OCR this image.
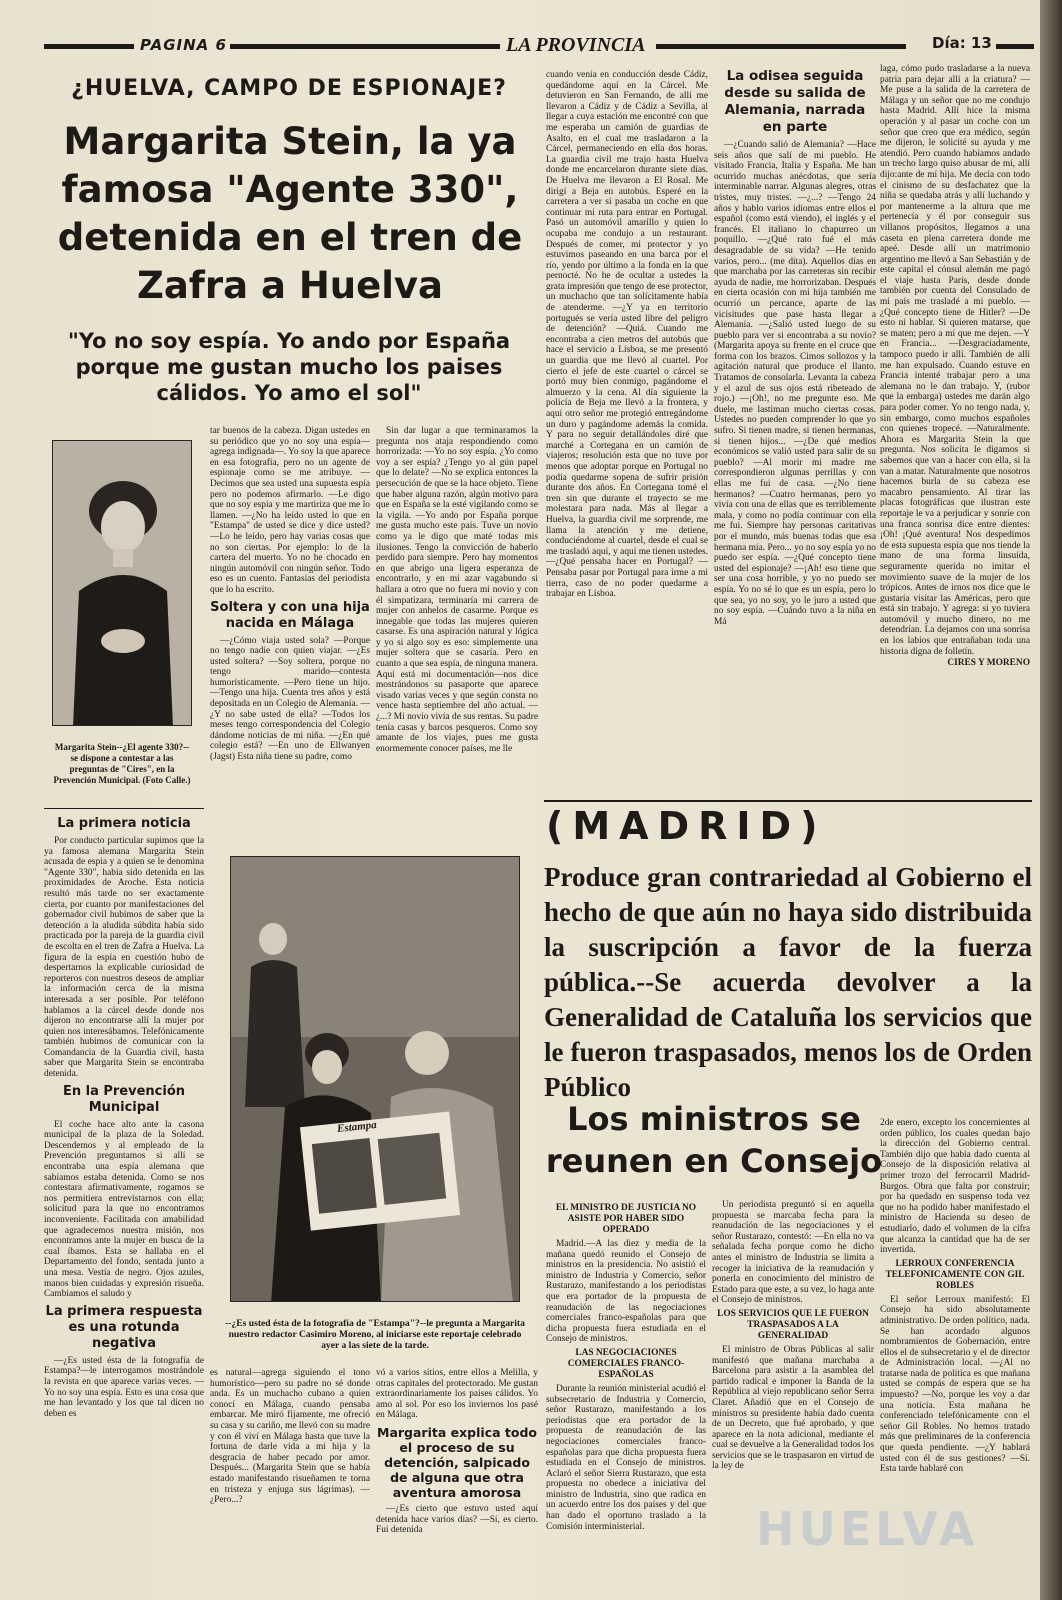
PAGINA 6	LA PROVINCIA	Día: 13
¿HUELVA, CAMPO DE ESPIONAJE?
Margarita Stein, la ya
famosa "Agente 330",
detenida en el tren de
Zafra a Huelva
"Yo no soy espía. Yo ando por España porque me gustan mucho los paises cálidos. Yo amo el sol"
Margarita Stein--¿El agente 330?--se dispone a contestar a las preguntas de "Cires", en la Prevención Municipal. (Foto Calle.)
La primera noticia

Por conducto particular supimos que la ya famosa alemana Margarita Stein acusada de espia y a quien se le denomina "Agente 330", había sido detenida en las proximidades de Aroche. Esta noticia resultó más tarde no ser exactamente cierta, por cuanto por manifestaciones del gobernador civil hubimos de saber que la detención a la aludida súbdita había sido practicada por la pareja de la guardia civil de escolta en el tren de Zafra a Huelva. La figura de la espía en cuestión hubo de despertarnos la explicable curiosidad de reporteros con nuestros deseos de ampliar la información cerca de la misma interesada a ser posible. Por teléfono hablamos a la cárcel desde donde nos dijeron no encontrarse allí la mujer por quien nos interesábamos. Telefónicamente también hubimos de comunicar con la Comandancia de la Guardia civil, hasta saber que Margarita Stein se encontraba detenida.

En la Prevención Municipal

El coche hace alto ante la casona municipal de la plaza de la Soledad. Descendemos y al empleado de la Prevención preguntamos si allí se encontraba una espía alemana que sabíamos estaba detenida. Como se nos contestara afirmativamente, rogamos se nos permitiera entrevistarnos con ella; solicitud para la que no encontramos inconveniente. Facilitada con amabilidad que agradecemos nuestra misión, nos encontramos ante la mujer en busca de la cual íbamos. Esta se hallaba en el Departamento del fondo, sentada junto a una mesa. Vestía de negro. Ojos azules, manos bien cuidadas y expresión risueña. Cambiamos el saludo y

La primera respuesta es una rotunda negativa

—¿Es usted ésta de la fotografía de Estampa?—le interrogamos mostrándole la revista en que aparece varias veces. —Yo no soy una espía. Esto es una cosa que me han levantado y los que tal dicen no deben es

tar buenos de la cabeza. Digan ustedes en su periódico que yo no soy una espía—agrega indignada—. Yo soy la que aparece en esa fotografía, pero no un agente de espionaje como se me atribuye. —Decimos que sea usted una supuesta espía pero no podemos afirmarlo. —Le digo que no soy espía y me martiriza que me lo llamen. —¿No ha leído usted lo que en "Estampa" de usted se dice y dice usted? —Lo he leído, pero hay varias cosas que no son ciertas. Por ejemplo: lo de la cartera del muerto. Yo no he chocado en ningún automóvil con ningún señor. Todo eso es un cuento. Fantasías del periodista que lo ha escrito.

Soltera y con una hija nacida en Málaga

—¿Cómo viaja usted sola? —Porque no tengo nadie con quien viajar. —¿Es usted soltera? —Soy soltera, porque no tengo marido—contesta humorísticamente. —Pero tiene un hijo. —Tengo una hija. Cuenta tres años y está depositada en un Colegio de Alemania. —¿Y no sabe usted de ella? —Todos los meses tengo correspondencia del Colegio dándome noticias de mi niña. —¿En qué colegio está? —En uno de Ellwanyen (Jagst) Esta niña tiene su padre, como

Sin dar lugar a que terminaramos la pregunta nos ataja respondiendo como horrorizada: —Yo no soy espía. ¿Yo como voy a ser espía? ¿Tengo yo al gún papel que lo delate? —No se explica entonces la persecución de que se la hace objeto. Tiene que haber alguna razón, algún motivo para que en España se la esté vigilando como se la vigila. —Yo ando por España porque me gusta mucho este país. Tuve un novio como ya le digo que maté todas mis ilusiones. Tengo la convicción de haberlo perdido para siempre. Pero hay momentos en que abrigo una ligera esperanza de encontrarlo, y en mi azar vagabundo si hallara a otro que no fuera mi novio y con él simpatizara, terminaría mi carrera de mujer con anhelos de casarme. Porque es innegable que todas las mujeres quieren casarse. Es una aspiración natural y lógica y yo si algo soy es eso: simplemente una mujer soltera que se casaría. Pero en cuanto a que sea espía, de ninguna manera. Aquí está mi documentación—nos dice mostrándonos su pasaporte que aparece visado varias veces y que según consta no vence hasta septiembre del año actual. —¿...? Mi novio vivía de sus rentas. Su padre tenía casas y barcos pesqueros. Como soy amante de los viajes, pues me gusta enormemente conocer países, me lle

Estampa
--¿Es usted ésta de la fotografía de "Estampa"?--le pregunta a Margarita nuestro redactor Casimiro Moreno, al iniciarse este reportaje celebrado ayer a las siete de la tarde.

es natural—agrega siguiendo el tono humorístico—pero su padre no sé donde anda. Es un muchacho cubano a quien conocí en Málaga, cuando pensaba embarcar. Me miró fijamente, me ofreció su casa y su cariño, me llevó con su madre y con él viví en Málaga hasta que tuve la fortuna de darle vida a mi hija y la desgracia de haber pecado por amor. Después... (Margarita Stein que se había estado manifestando risueñamen te torna en tristeza y enjuga sus lágrimas). —¿Pero...?

vó a varios sitios, entre ellos a Melilla, y otras capitales del protectorado. Me gustan extraordinariamente los paises cálidos. Yo amo al sol. Por eso los inviernos los pasé en Málaga.

Margarita explica todo el proceso de su detención, salpicado de alguna que otra aventura amorosa

—¿Es cierto que estuvo usted aquí detenida hace varios días? —Sí, es cierto. Fui detenida

cuando venía en conducción desde Cádiz, quedándome aquí en la Cárcel. Me detuvieron en San Fernando, de allí me llevaron a Cádiz y de Cádiz a Sevilla, al llegar a cuya estación me encontré con que me esperaba un camión de guardias de Asalto, en el cual me trasladaron a la Cárcel, permaneciendo en ella dos horas. La guardia civil me trajo hasta Huelva donde me encarcelaron durante siete días. De Huelva me llevaron a El Rosal. Me dirigí a Beja en autobús. Esperé en la carretera a ver si pasaba un coche en que continuar mi ruta para entrar en Portugal. Pasó un automóvil amarillo y quien lo ocupaba me condujo a un restaurant. Después de comer, mi protector y yo estuvimos paseando en una barca por el río, yendo por último a la fonda en la que pernocté. No he de ocultar a ustedes la grata impresión que tengo de ese protector, un muchacho que tan solícitamente había de atenderme. —¿Y ya en territorio portugués se vería usted libre del peligro de detención? —Quiá. Cuando me encontraba a cien metros del autobús que hace el servicio a Lisboa, se me presentó un guardia que me llevó al cuartel. Por cierto el jefe de este cuartel o cárcel se portó muy bien conmigo, pagándome el almuerzo y la cena. Al día siguiente la policía de Beja me llevó a la frontera, y aquí otro señor me protegió entregándome un duro y pagándome además la comida. Y para no seguir detallándoles diré que marché a Cortegana en un camión de viajeros; resolución esta que no tuve por menos que adoptar porque en Portugal no podía quedarme sopena de sufrir prisión durante dos años. En Cortegana tomé el tren sin que durante el trayecto se me molestara para nada. Más al llegar a Huelva, la guardia civil me sorprende, me llama la atención y me detiene, conduciéndome al cuartel, desde el cual se me trasladó aquí, y aquí me tienen ustedes. —¿Qué pensaba hacer en Portugal? —Pensaba pasar por Portugal para irme a mi tierra, caso de no poder quedarme a trabajar en Lisboa.

La odisea seguida desde su salida de Alemania, narrada en parte

—¿Cuando salió de Alemania? —Hace seis años que salí de mi pueblo. He visitado Francia, Italia y España. Me han ocurrido muchas anécdotas, que sería interminable narrar. Algunas alegres, otras tristes, muy tristes. —¿...? —Tengo 24 años y hablo varios idiomas entre ellos el español (como está viendo), el inglés y el francés. El italiano lo chapurreo un poquillo. —¿Qué rato fué el más desagradable de su vida? —He tenido varios, pero... (me dita). Aquellos días en que marchaba por las carreteras sin recibir ayuda de nadie, me horrorizaban. Después en cierta ocasión con mi hija también me ocurrió un percance, aparte de las vicisitudes que pase hasta llegar a Alemania. —¿Salió usted luego de su pueblo para ver si encontraba a su novio? (Margarita apoya su frente en el cruce que forma con los brazos. Cimos sollozos y la agitación natural que produce el llanto. Tratamos de consolarla. Levanta la cabeza y el azul de sus ojos está ribeteado de rojo.) —¡Oh!, no me pregunte eso. Me duele, me lastiman mucho ciertas cosas. Ustedes no pueden comprender lo que yo sufro. Si tienen madre, si tienen hermanas, si tienen hijos... —¿De qué medios económicos se valió usted para salir de su pueblo? —Al morir mi madre me correspondieron algunas perrillas y con ellas me fui de casa. —¿No tiene hermanos? —Cuatro hermanas, pero yo vivía con una de ellas que es terriblemente mala, y como no podía continuar con ella me fui. Siempre hay personas caritativas por el mundo, más buenas todas que esa hermana mía. Pero... yo no soy espía yo no puedo ser espía. —¿Qué concepto tiene usted del espionaje? —¡Ah! eso tiene que ser una cosa horrible, y yo no puedo ser espía. Yo no sé lo que es un espía, pero lo que sea, yo no soy, yo le juro a usted que no soy espía. —Cuándo tuvo a la niña en Má

laga, cómo pudo trasladarse a la nueva patria para dejar allí a la criatura? —Me puse a la salida de la carretera de Málaga y un señor que no me condujo hasta Madrid. Allí hice la misma operación y al pasar un coche con un señor que creo que era médico, según me dijeron, le solicité su ayuda y me atendió. Pero cuando habíamos andado un trecho largo quiso abusar de mí, allí dijo:ante de mí hija. Me decía con todo el cinismo de su desfachatez que la niña se quedaba atrás y allí luchando y por mantenerme a la altura que me pertenecía y él por conseguir sus villanos propósitos, llegamos a una caseta en plena carretera donde me apeé. Desde allí un matrimonio argentino me llevó a San Sebastián y de este capital el cónsul alemán me pagó el viaje hasta París, desde donde también por cuenta del Consulado de mi país me trasladé a mi pueblo. —¿Qué concepto tiene de Hitler? —De esto ni hablar. Si quieren matarse, que se maten; pero a mí que me dejen. —Y en Francia... —Desgraciadamente, tampoco puedo ir allí. También de allí me han expulsado. Cuando estuve en Francia intenté trabajar pero a una alemana no le dan trabajo. Y, (rubor que la embarga) ustedes me darán algo para poder comer. Yo no tengo nada, y, sin embargo, como muchos españoles con quienes tropecé. —Naturalmente. Ahora es Margarita Stein la que pregunta. Nos solicita le digamos si sabemos que van a hacer con ella, si la van a matar. Naturalmente que nosotros hacemos burla de su cabeza ese macabro pensamiento. Al tirar las placas fotográficas que ilustran este reportaje le va a perjudicar y sonríe con una franca sonrisa dice entre dientes: ¡Oh! ¡Qué aventura! Nos despedimos de esta supuesta espía que nos tiende la mano de una forma linsuída, seguramente querida no imitar el movimiento suave de la mujer de los trópicos. Antes de irnos nos dice que le gustaría visitar las Américas, pero que está sin trabajo. Y agrega: si yo tuviera automóvil y mucho dinero, no me detendrían. La dejamos con una sonrisa en los labios que entrañaban toda una historia digna de folletín.

CIRES Y MORENO
(MADRID)
Produce gran contrariedad al Gobierno el hecho de que aún no haya sido distribuida la suscripción a favor de la fuerza pública.--Se acuerda devolver a la Generalidad de Cataluña los servicios que le fueron traspasados, menos los de Orden Público
Los ministros se reunen en Consejo
EL MINISTRO DE JUSTICIA NO ASISTE POR HABER SIDO OPERADO

Madrid.—A las diez y media de la mañana quedó reunido el Consejo de ministros en la presidencia. No asistió el ministro de Industria y Comercio, señor Rustarazo, manifestando a los periodistas que era portador de la propuesta de reanudación de las negociaciones comerciales franco-españolas para que dicha propuesta fuera estudiada en el Consejo de ministros.

LAS NEGOCIACIONES COMERCIALES FRANCO-ESPAÑOLAS

Durante la reunión ministerial acudió el subsecretario de Industria y Comercio, señor Rustarazo, manifestando a los periodistas que era portador de la propuesta de reanudación de las negociaciones comerciales franco-españolas para que dicha propuesta fuera estudiada en el Consejo de ministros. Aclaró el señor Sierra Rustarazo, que esta propuesta no obedece a iniciativa del ministro de Industria, sino que radica en un acuerdo entre los dos países y del que han dado el oportuno traslado a la Comisión interministerial.

Un periodista preguntó si en aquella propuesta se marcaba fecha para la reanudación de las negociaciones y el señor Rustarazo, contestó: —En ella no va señalada fecha porque como he dicho antes el ministro de Industria se limita a recoger la iniciativa de la reanudación y ponerla en conocimiento del ministro de Estado para que este, a su vez, lo haga ante el Consejo de ministros.

LOS SERVICIOS QUE LE FUERON TRASPASADOS A LA GENERALIDAD

El ministro de Obras Públicas al salir manifestó que mañana marchaba a Barcelona para asistir a la asamblea del partido radical e imponer la Banda de la República al viejo republicano señor Serra Claret. Añadió que en el Consejo de ministros su presidente había dado cuenta de un Decreto, que fué aprobado, y que aparece en la nota adicional, mediante el cual se devuelve a la Generalidad todos los servicios que se le traspasaron en virtud de la ley de

2de enero, excepto los concernientes al orden público, los cuales quedan bajo la dirección del Gobierno central. También dijo que había dado cuenta al Consejo de la disposición relativa al primer trozo del ferrocarril Madrid-Burgos. Obra que falta por construir; por ha quedado en suspenso toda vez que no ha podido haber manifestado el ministro de Hacienda su deseo de estudiarlo, dado el volumen de la cifra que alcanza la cantidad que ha de ser invertida.

LERROUX CONFERENCIA TELEFONICAMENTE CON GIL ROBLES

El señor Lerroux manifestó: El Consejo ha sido absolutamente administrativo. De orden político, nada. Se han acordado algunos nombramientos de Gobernación, entre ellos el de subsecretario y el de director de Administración local. —¿Al no tratarse nada de política es que mañana usted se compás de espera que se ha impuesto? —No, porque les voy a dar una noticia. Esta mañana he conferenciado telefónicamente con el señor Gil Robles. No hemos tratado más que preliminares de la conferencia que queda pendiente. —¿Y hablará usted con él de sus gestiones? —Sí. Esta tarde hablaré con

HUELVA
